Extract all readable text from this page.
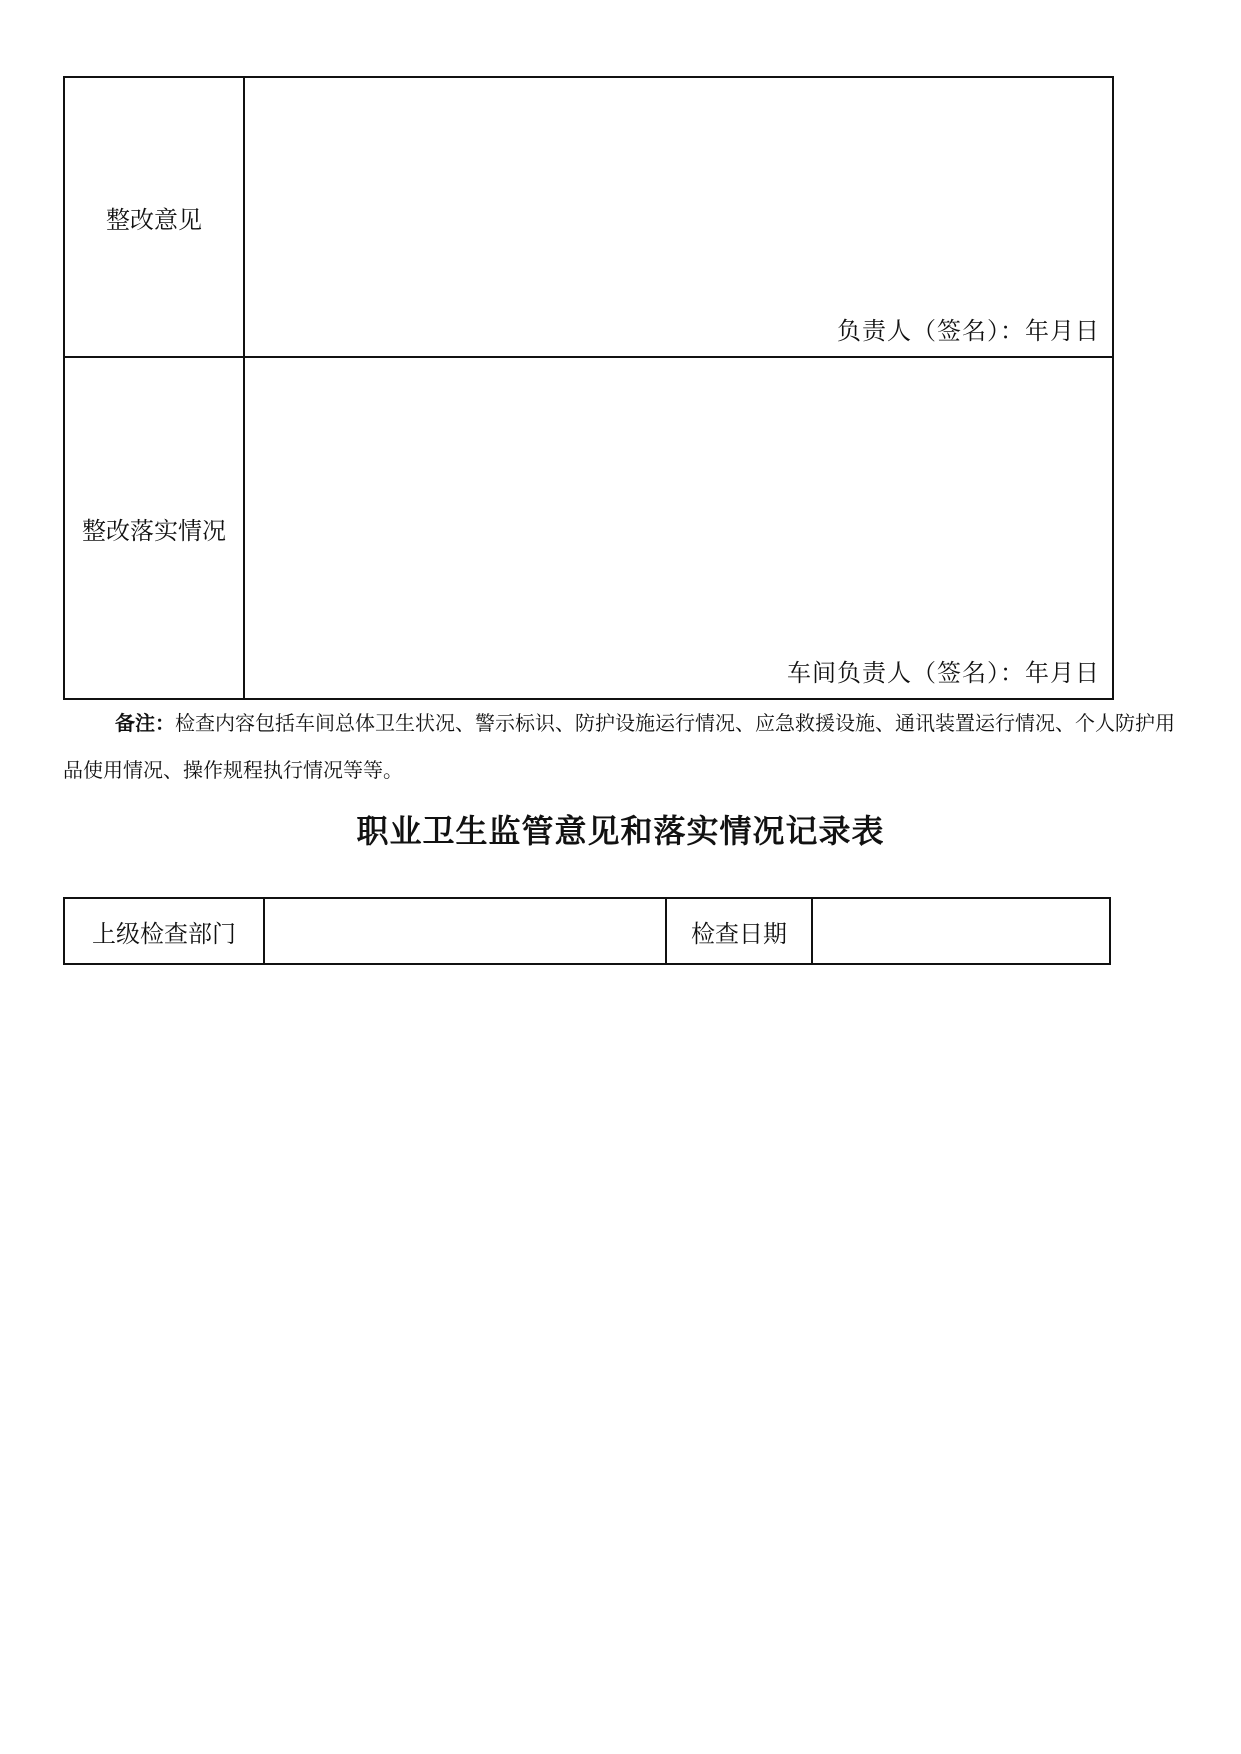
整改意见	负责人（签名）：年月日

整改落实情况	车间负责人（签名）：年月日
备注：检查内容包括车间总体卫生状况、警示标识、防护设施运行情况、应急救援设施、通讯装置运行情况、个人防护用品使用情况、操作规程执行情况等等。
职业卫生监管意见和落实情况记录表
上级检查部门		检查日期	
